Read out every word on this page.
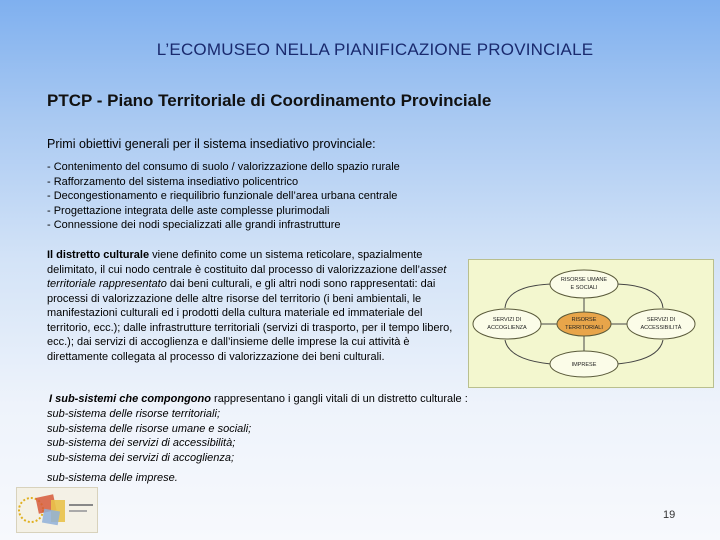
L’ECOMUSEO NELLA PIANIFICAZIONE PROVINCIALE
PTCP - Piano Territoriale di Coordinamento Provinciale
Primi obiettivi generali per il sistema insediativo provinciale:
- Contenimento del consumo di suolo / valorizzazione dello spazio rurale
- Rafforzamento del sistema insediativo policentrico
- Decongestionamento e riequilibrio funzionale dell’area urbana centrale
- Progettazione integrata delle aste complesse plurimodali
- Connessione dei nodi specializzati alle grandi infrastrutture
Il distretto culturale viene definito come un sistema reticolare, spazialmente delimitato, il cui nodo centrale è costituito dal processo di valorizzazione dell’asset territoriale rappresentato dai beni culturali, e gli altri nodi sono rappresentati: dai processi di valorizzazione delle altre risorse del territorio (i beni ambientali, le manifestazioni culturali ed i prodotti della cultura materiale ed immateriale del territorio, ecc.); dalle infrastrutture territoriali (servizi di trasporto, per il tempo libero, ecc.); dai servizi di accoglienza e dall’insieme delle imprese la cui attività è direttamente collegata al processo di valorizzazione dei beni culturali.
RISORSE UMANE
E SOCIALI
SERVIZI DI
ACCOGLIENZA
RISORSE
TERRITORIALI
SERVIZI DI
ACCESSIBILITÀ
IMPRESE
I sub-sistemi che compongono rappresentano i gangli vitali di un distretto culturale :
sub-sistema delle risorse territoriali;
sub-sistema delle risorse umane e sociali;
sub-sistema dei servizi di accessibilità;
sub-sistema dei servizi di accoglienza;
sub-sistema delle imprese.
19
